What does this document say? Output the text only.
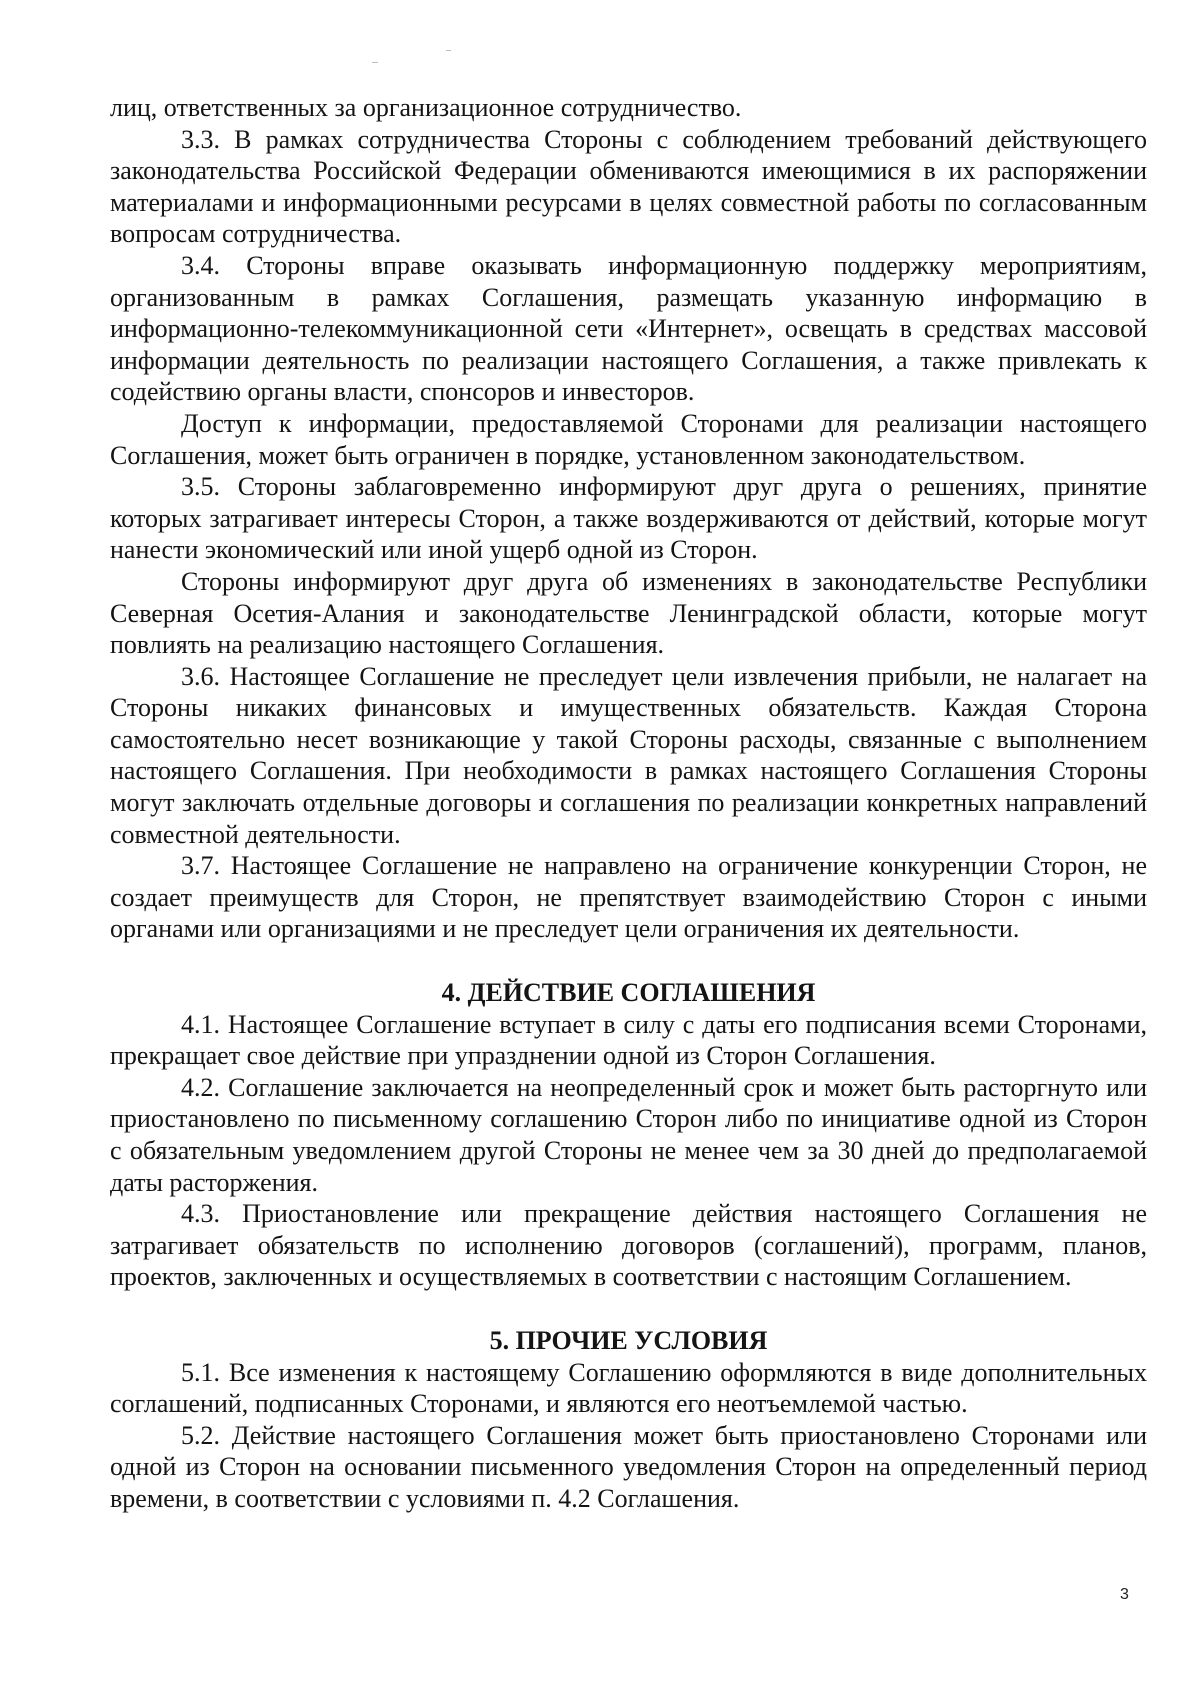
лиц, ответственных за организационное сотрудничество.

3.3. В рамках сотрудничества Стороны с соблюдением требований действующего законодательства Российской Федерации обмениваются имеющимися в их распоряжении материалами и информационными ресурсами в целях совместной работы по согласованным вопросам сотрудничества.

3.4. Стороны вправе оказывать информационную поддержку мероприятиям, организованным в рамках Соглашения, размещать указанную информацию в информационно-телекоммуникационной сети «Интернет», освещать в средствах массовой информации деятельность по реализации настоящего Соглашения, а также привлекать к содействию органы власти, спонсоров и инвесторов.

Доступ к информации, предоставляемой Сторонами для реализации настоящего Соглашения, может быть ограничен в порядке, установленном законодательством.

3.5. Стороны заблаговременно информируют друг друга о решениях, принятие которых затрагивает интересы Сторон, а также воздерживаются от действий, которые могут нанести экономический или иной ущерб одной из Сторон.

Стороны информируют друг друга об изменениях в законодательстве Республики Северная Осетия-Алания и законодательстве Ленинградской области, которые могут повлиять на реализацию настоящего Соглашения.

3.6. Настоящее Соглашение не преследует цели извлечения прибыли, не налагает на Стороны никаких финансовых и имущественных обязательств. Каждая Сторона самостоятельно несет возникающие у такой Стороны расходы, связанные с выполнением настоящего Соглашения. При необходимости в рамках настоящего Соглашения Стороны могут заключать отдельные договоры и соглашения по реализации конкретных направлений совместной деятельности.

3.7. Настоящее Соглашение не направлено на ограничение конкуренции Сторон, не создает преимуществ для Сторон, не препятствует взаимодействию Сторон с иными органами или организациями и не преследует цели ограничения их деятельности.

4. ДЕЙСТВИЕ СОГЛАШЕНИЯ

4.1. Настоящее Соглашение вступает в силу с даты его подписания всеми Сторонами, прекращает свое действие при упразднении одной из Сторон Соглашения.

4.2. Соглашение заключается на неопределенный срок и может быть расторгнуто или приостановлено по письменному соглашению Сторон либо по инициативе одной из Сторон с обязательным уведомлением другой Стороны не менее чем за 30 дней до предполагаемой даты расторжения.

4.3. Приостановление или прекращение действия настоящего Соглашения не затрагивает обязательств по исполнению договоров (соглашений), программ, планов, проектов, заключенных и осуществляемых в соответствии с настоящим Соглашением.

5. ПРОЧИЕ УСЛОВИЯ

5.1. Все изменения к настоящему Соглашению оформляются в виде дополнительных соглашений, подписанных Сторонами, и являются его неотъемлемой частью.

5.2. Действие настоящего Соглашения может быть приостановлено Сторонами или одной из Сторон на основании письменного уведомления Сторон на определенный период времени, в соответствии с условиями п. 4.2 Соглашения.

3
